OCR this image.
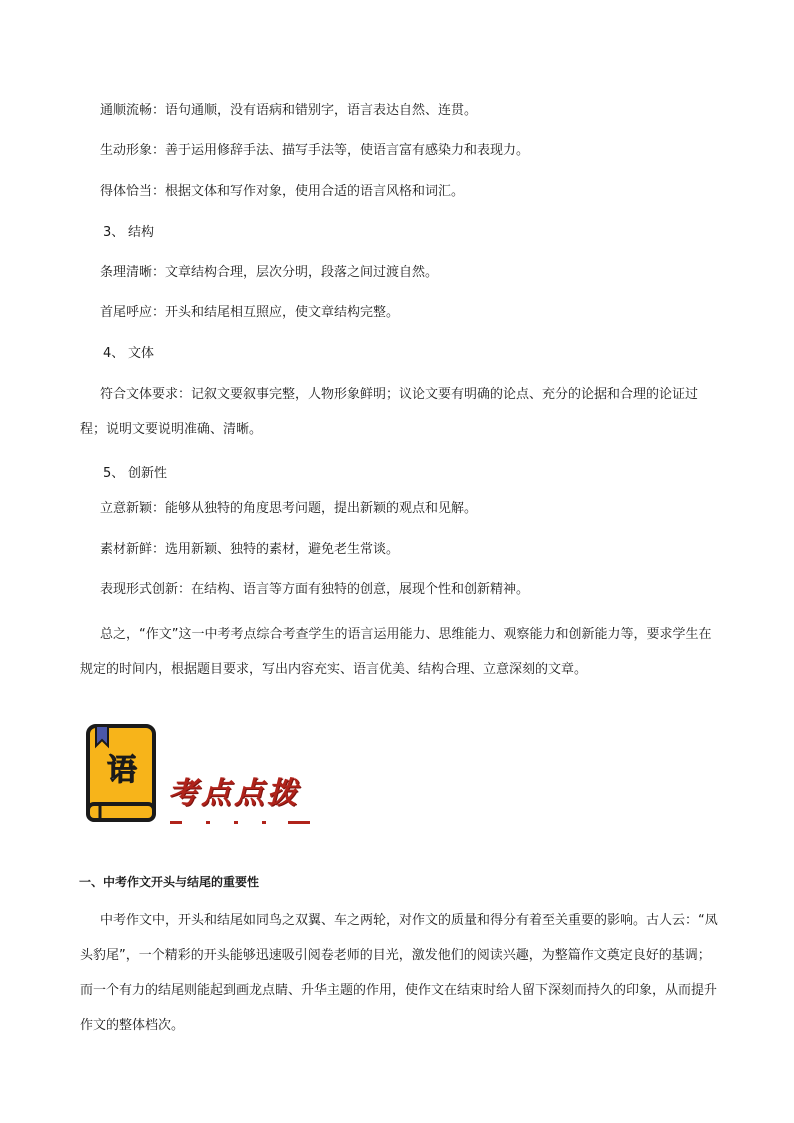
通顺流畅：语句通顺，没有语病和错别字，语言表达自然、连贯。

生动形象：善于运用修辞手法、描写手法等，使语言富有感染力和表现力。

得体恰当：根据文体和写作对象，使用合适的语言风格和词汇。

3、 结构

条理清晰：文章结构合理，层次分明，段落之间过渡自然。

首尾呼应：开头和结尾相互照应，使文章结构完整。

4、 文体

符合文体要求：记叙文要叙事完整，人物形象鲜明；议论文要有明确的论点、充分的论据和合理的论证过程；说明文要说明准确、清晰。

5、 创新性

立意新颖：能够从独特的角度思考问题，提出新颖的观点和见解。

素材新鲜：选用新颖、独特的素材，避免老生常谈。

表现形式创新：在结构、语言等方面有独特的创意，展现个性和创新精神。

总之，“作文”这一中考考点综合考查学生的语言运用能力、思维能力、观察能力和创新能力等，要求学生在规定的时间内，根据题目要求，写出内容充实、语言优美、结构合理、立意深刻的文章。

语
考点点拨

一、中考作文开头与结尾的重要性

中考作文中，开头和结尾如同鸟之双翼、车之两轮，对作文的质量和得分有着至关重要的影响。古人云：“凤头豹尾”，一个精彩的开头能够迅速吸引阅卷老师的目光，激发他们的阅读兴趣，为整篇作文奠定良好的基调；而一个有力的结尾则能起到画龙点睛、升华主题的作用，使作文在结束时给人留下深刻而持久的印象，从而提升作文的整体档次。
